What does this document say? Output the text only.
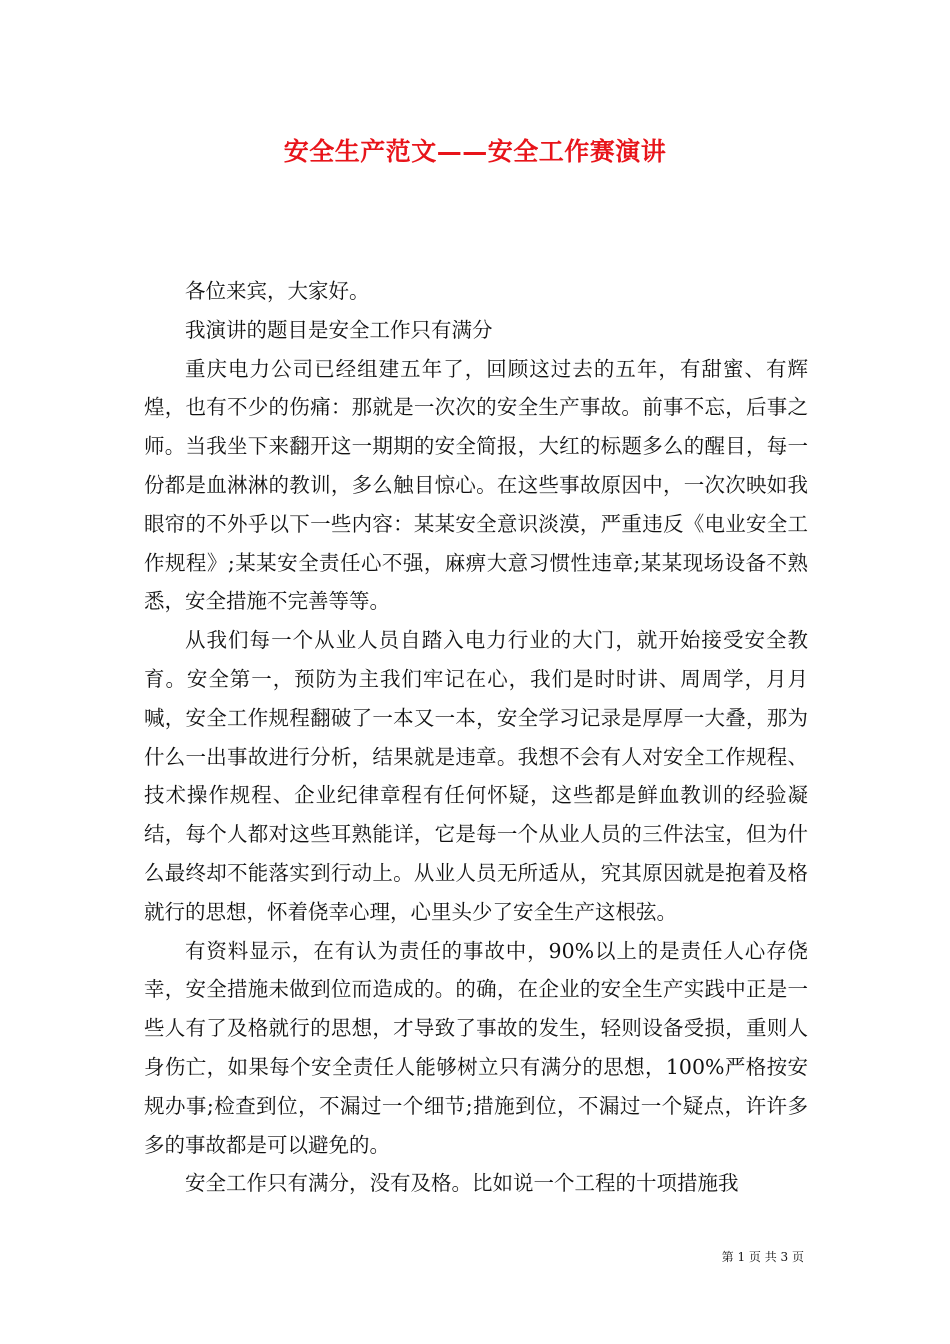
安全生产范文——安全工作赛演讲

各位来宾，大家好。

我演讲的题目是安全工作只有满分

重庆电力公司已经组建五年了，回顾这过去的五年，有甜蜜、有辉煌，也有不少的伤痛：那就是一次次的安全生产事故。前事不忘，后事之师。当我坐下来翻开这一期期的安全简报，大红的标题多么的醒目，每一份都是血淋淋的教训，多么触目惊心。在这些事故原因中，一次次映如我眼帘的不外乎以下一些内容：某某安全意识淡漠，严重违反《电业安全工作规程》;某某安全责任心不强，麻痹大意习惯性违章;某某现场设备不熟悉，安全措施不完善等等。

从我们每一个从业人员自踏入电力行业的大门，就开始接受安全教育。安全第一，预防为主我们牢记在心，我们是时时讲、周周学，月月喊，安全工作规程翻破了一本又一本，安全学习记录是厚厚一大叠，那为什么一出事故进行分析，结果就是违章。我想不会有人对安全工作规程、技术操作规程、企业纪律章程有任何怀疑，这些都是鲜血教训的经验凝结，每个人都对这些耳熟能详，它是每一个从业人员的三件法宝，但为什么最终却不能落实到行动上。从业人员无所适从，究其原因就是抱着及格就行的思想，怀着侥幸心理，心里头少了安全生产这根弦。

有资料显示，在有认为责任的事故中，90%以上的是责任人心存侥幸，安全措施未做到位而造成的。的确，在企业的安全生产实践中正是一些人有了及格就行的思想，才导致了事故的发生，轻则设备受损，重则人身伤亡，如果每个安全责任人能够树立只有满分的思想，100%严格按安规办事;检查到位，不漏过一个细节;措施到位，不漏过一个疑点，许许多多的事故都是可以避免的。

安全工作只有满分，没有及格。比如说一个工程的十项措施我

第 1 页 共 3 页
